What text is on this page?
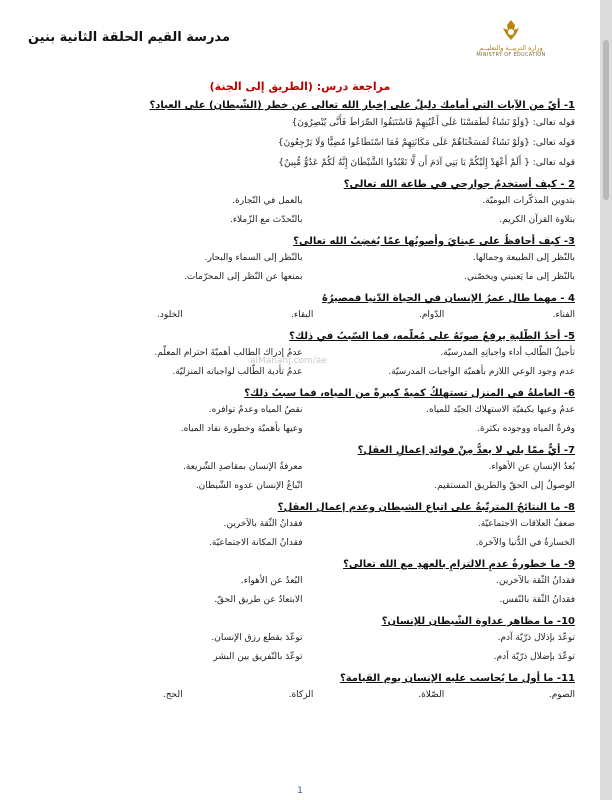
مدرسة القيم الحلقة الثانية بنين
وزارة التربيــة والتعليــم
MINISTRY OF EDUCATION
مراجعة درس: (الطريق إلى الجنة)
1- أيّ من الآيات التي أمامك دليلٌ على إخبار الله تعالى عن خطر (الشّيطان) على العباد؟
قوله تعالى: {وَلَوْ نَشَاءُ لَطَمَسْنَا عَلَى أَعْيُنِهِمْ فَاسْتَبَقُوا الصِّرَاطَ فَأَنَّى يُبْصِرُونَ}
قوله تعالى: {وَلَوْ نَشَاءُ لَمَسَخْنَاهُمْ عَلَى مَكَانَتِهِمْ فَمَا اسْتَطَاعُوا مُضِيًّا وَلَا يَرْجِعُونَ}
قوله تعالى: { أَلَمْ أَعْهَدْ إِلَيْكُمْ يَا بَنِي آدَمَ أَن لَّا تَعْبُدُوا الشَّيْطَانَ إِنَّهُ لَكُمْ عَدُوٌّ مُّبِينٌ}
2 - كيف أستخدمُ جوارحي في طاعة الله تعالى؟
بتدوين المذكّرات اليوميّة.
بالعمل في التّجارة.
بتلاوة القرآن الكريم.
بالتّحدّث مع الزّملاء.
3- كيف أحافظُ على عينايَ وأصونُها عمّا يُغضِبُ الله تعالى؟
بالنّظر إلى الطبيعة وجمالها.
بالنّظر إلى السماء والبحار.
بالنّظر إلى ما يَعنيني ويخصّني.
بمنعها عن النّظر إلى المحرّمات.
4 - مهما طال عمرُ الإنسان في الحياة الدّنيا فمصيرُهُ
الفناء.
الدّوام.
البقاء.
الخلود.
5- أحدُ الطّلبةِ يرفعُ صوتَهُ على مُعلّمه، فما السّببُ في ذلك؟
تأجيلُ الطّالب أداء واجباتِهِ المدرسيّة.
عدمُ إدراك الطالب أهميّةَ احترام المعلّم.
عدم وجود الوعي اللازم بأهميّة الواجبات المدرسيّة.
عدمُ تأدية الطّالب لواجباته المنزليّة.
6- العاملةُ في المنزل تستهلكُ كميةً كبيرةً من المياه، فما سببُ ذلك؟
عدمُ وعيها بكيفيّة الاستهلاك الجيّد للمياه.
نقصُ المياه وعدمُ توافره.
وفرةُ المياه ووجوده بكثرة.
وعيها بأهميّة وخطورة نفاد المياه.
7- أيٌّ ممّا يلي لا يعدُّ مِنْ فوائدِ إعمالِ العقل؟
بُعدُ الإنسانِ عن الأهواء.
معرفةُ الإنسان بمقاصدِ الشّريعة.
الوصولُ إلى الحقّ والطريق المستقيم.
اتّباعُ الإنسان عدوه الشّيطان.
8- ما النتائجُ المترتّبةُ على اتباع الشيطان وعدم إعمال العقل؟
ضعفُ العلاقات الاجتماعيّة.
فقدانُ الثّقة بالآخرين.
الخسارةُ في الدُّنيا والآخرة.
فقدانُ المكانة الاجتماعيّة.
9- ما خطورةُ عدمِ الالتزامِ بالعهدِ مع الله تعالى؟
فقدانُ الثّقة بالآخرين.
البُعدُ عن الأهواء.
فقدانُ الثّقة بالنّفس.
الابتعادُ عن طريق الحقّ.
10- ما مظاهر عداوة الشّيطان للإنسان؟
توعّدَ بإذلال ذرّيّة آدم.
توعّدَ بقطع رزق الإنسان.
توعّدَ بإضلال ذرّيّة آدم.
توعّدَ بالتّفريق بين البشر
11- ما أول ما يُحاسب عليه الإنسان يوم القيامة؟
الصوم.
الصّلاة.
الزكاة.
الحج.
alManahj.com/ae
1
